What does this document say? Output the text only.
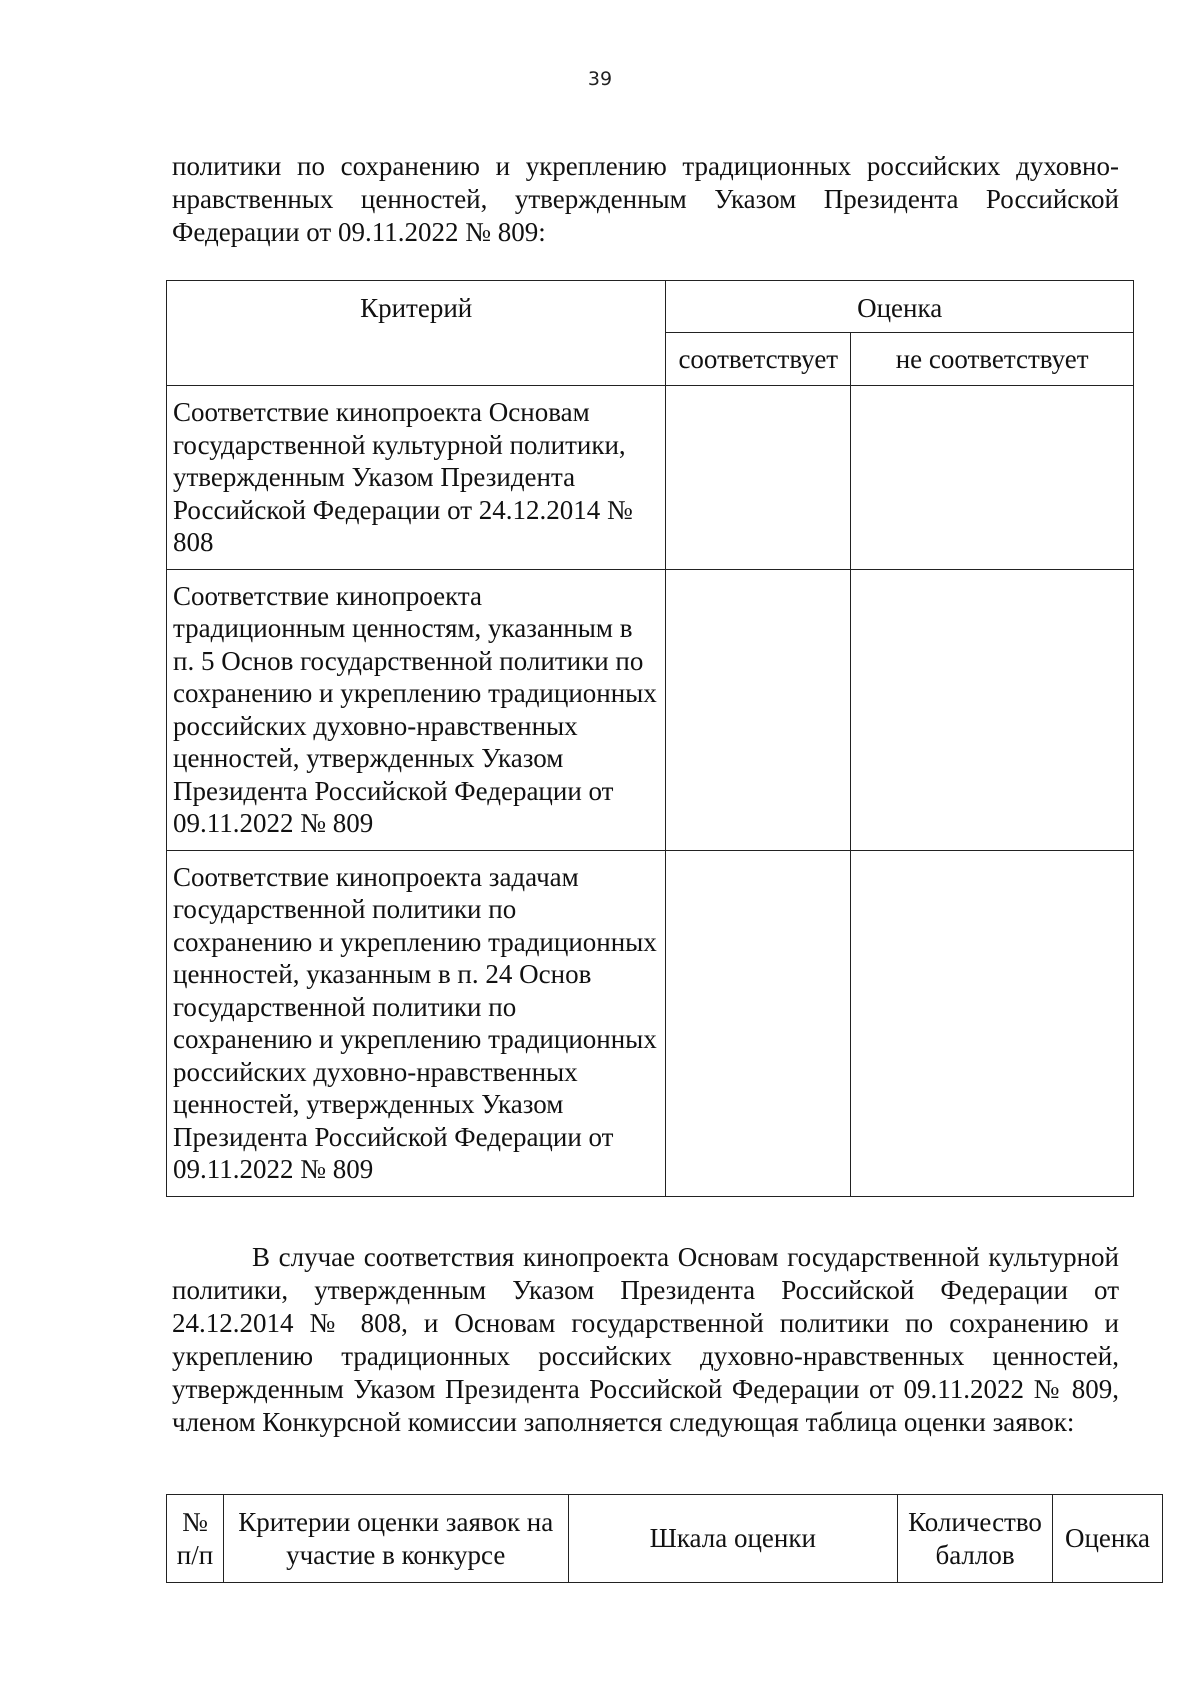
39

политики по сохранению и укреплению традиционных российских духовно-нравственных ценностей, утвержденным Указом Президента Российской Федерации от 09.11.2022 № 809:

Критерий	Оценка	
	соответствует	не соответствует
Соответствие кинопроекта Основам государственной культурной политики, утвержденным Указом Президента Российской Федерации от 24.12.2014 № 808		
Соответствие кинопроекта традиционным ценностям, указанным в п. 5 Основ государственной политики по сохранению и укреплению традиционных российских духовно-нравственных ценностей, утвержденных Указом Президента Российской Федерации от 09.11.2022 № 809		
Соответствие кинопроекта задачам государственной политики по сохранению и укреплению традиционных ценностей, указанным в п. 24 Основ государственной политики по сохранению и укреплению традиционных российских духовно-нравственных ценностей, утвержденных Указом Президента Российской Федерации от 09.11.2022 № 809		

В случае соответствия кинопроекта Основам государственной культурной политики, утвержденным Указом Президента Российской Федерации от 24.12.2014 № 808, и Основам государственной политики по сохранению и укреплению традиционных российских духовно-нравственных ценностей, утвержденным Указом Президента Российской Федерации от 09.11.2022 № 809, членом Конкурсной комиссии заполняется следующая таблица оценки заявок:

№ п/п	Критерии оценки заявок на участие в конкурсе	Шкала оценки	Количество баллов	Оценка
